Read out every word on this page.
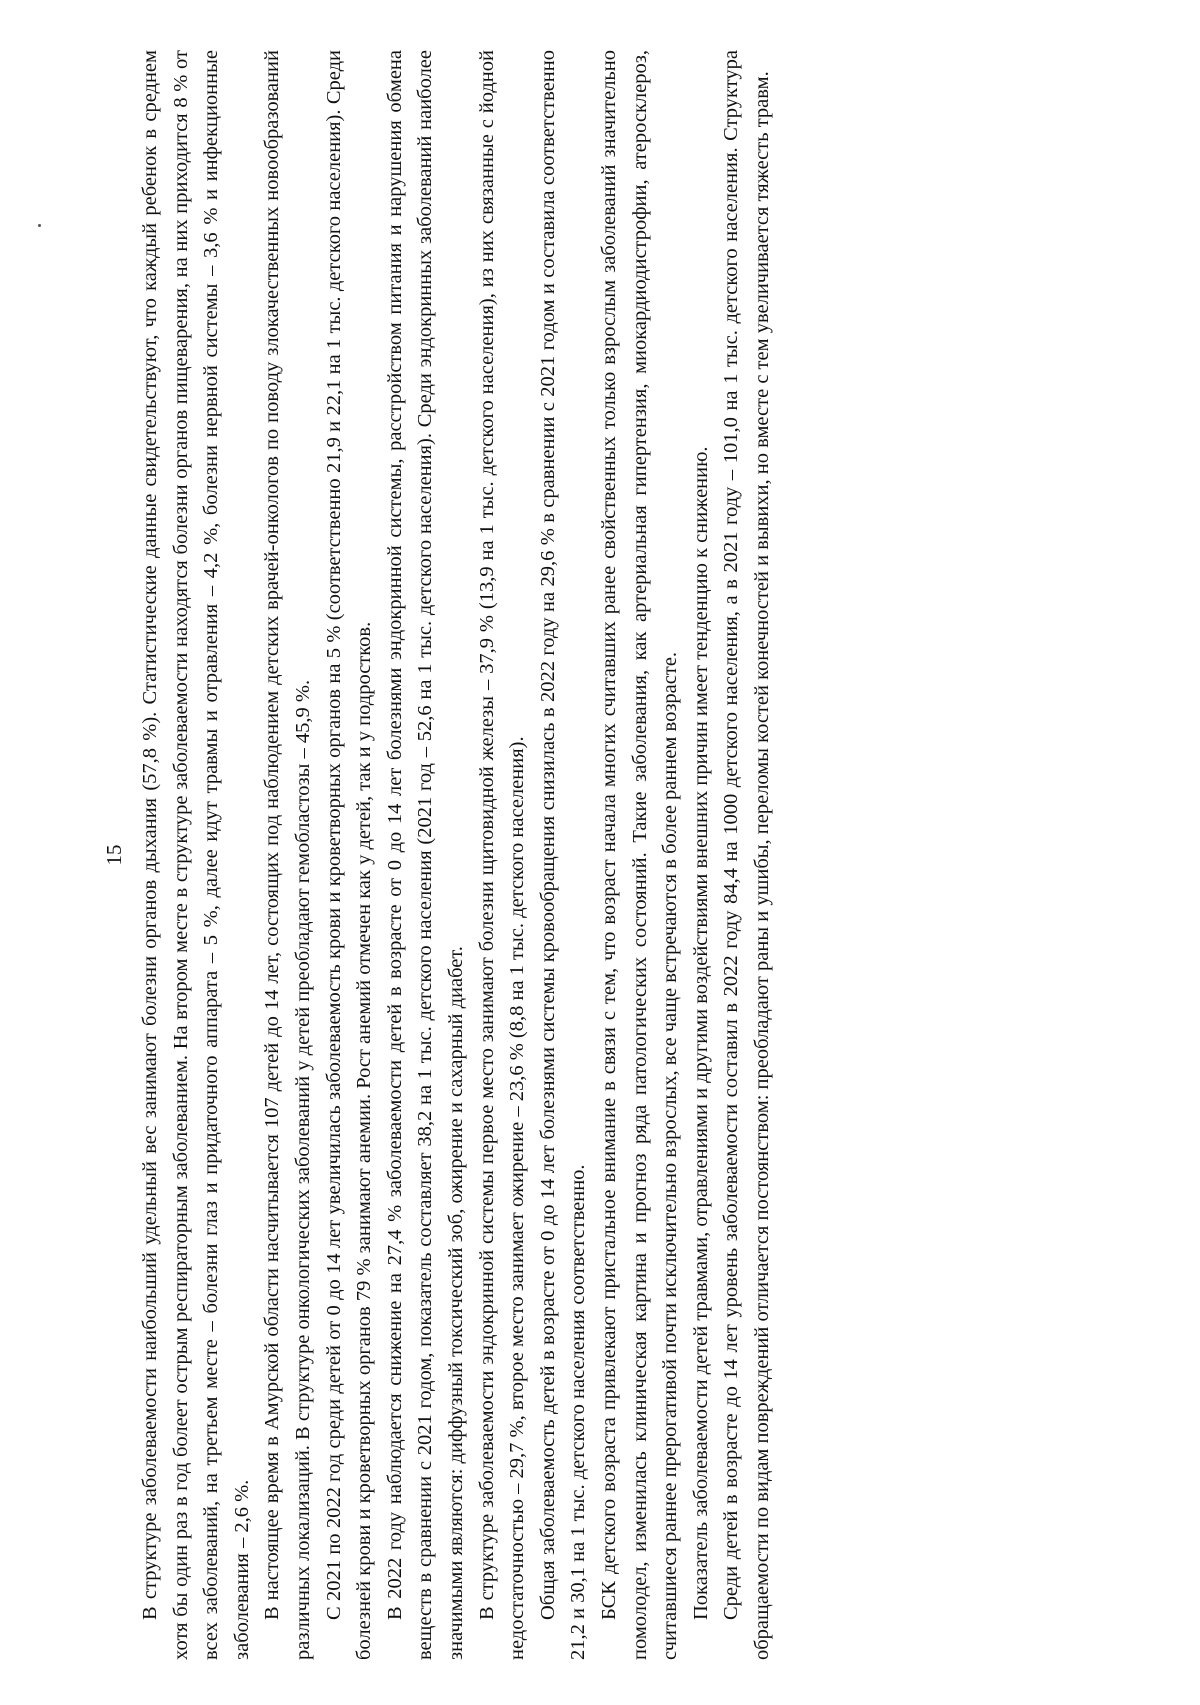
15 В структуре заболеваемости наибольший удельный вес занимают болезни органов дыхания (57,8 %). Статистические данные свидетельствуют, что каждый ребенок в среднем хотя бы один раз в год болеет острым респираторным заболеванием. На втором месте в структуре заболеваемости находятся болезни органов пищеварения, на них приходится 8 % от всех заболеваний, на третьем месте – болезни глаз и придаточного аппарата – 5 %, далее идут травмы и отравления – 4,2 %, болезни нервной системы – 3,6 % и инфекционные заболевания – 2,6 %. В настоящее время в Амурской области насчитывается 107 детей до 14 лет, состоящих под наблюдением детских врачей-онкологов по поводу злокачественных новообразований различных локализаций. В структуре онкологических заболеваний у детей преобладают гемобластозы – 45,9 %. С 2021 по 2022 год среди детей от 0 до 14 лет увеличилась заболеваемость крови и кроветворных органов на 5 % (соответственно 21,9 и 22,1 на 1 тыс. детского населения). Среди болезней крови и кроветворных органов 79 % занимают анемии. Рост анемий отмечен как у детей, так и у подростков. В 2022 году наблюдается снижение на 27,4 % заболеваемости детей в возрасте от 0 до 14 лет болезнями эндокринной системы, расстройством питания и нарушения обмена веществ в сравнении с 2021 годом, показатель составляет 38,2 на 1 тыс. детского населения (2021 год – 52,6 на 1 тыс. детского населения). Среди эндокринных заболеваний наиболее значимыми являются: диффузный токсический зоб, ожирение и сахарный диабет. В структуре заболеваемости эндокринной системы первое место занимают болезни щитовидной железы – 37,9 % (13,9 на 1 тыс. детского населения), из них связанные с йодной недостаточностью – 29,7 %, второе место занимает ожирение – 23,6 % (8,8 на 1 тыс. детского населения). Общая заболеваемость детей в возрасте от 0 до 14 лет болезнями системы кровообращения снизилась в 2022 году на 29,6 % в сравнении с 2021 годом и составила соответственно 21,2 и 30,1 на 1 тыс. детского населения соответственно. БСК детского возраста привлекают пристальное внимание в связи с тем, что возраст начала многих считавших ранее свойственных только взрослым заболеваний значительно помолодел, изменилась клиническая картина и прогноз ряда патологических состояний. Такие заболевания, как артериальная гипертензия, миокардиодистрофии, атеросклероз, считавшиеся раннее прерогативой почти исключительно взрослых, все чаще встречаются в более раннем возрасте. Показатель заболеваемости детей травмами, отравлениями и другими воздействиями внешних причин имеет тенденцию к снижению. Среди детей в возрасте до 14 лет уровень заболеваемости составил в 2022 году 84,4 на 1000 детского населения, а в 2021 году – 101,0 на 1 тыс. детского населения. Структура обращаемости по видам повреждений отличается постоянством: преобладают раны и ушибы, переломы костей конечностей и вывихи, но вместе с тем увеличивается тяжесть травм.
